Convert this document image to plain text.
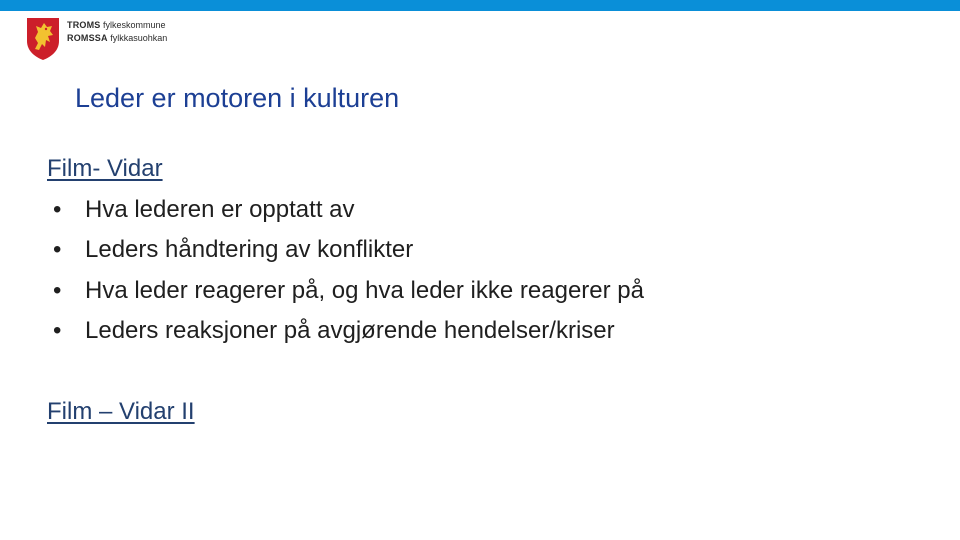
TROMS fylkeskommune
ROMSSA fylkkasuohkan
Leder er motoren i kulturen
Film- Vidar
• Hva lederen er opptatt av
• Leders håndtering av konflikter
• Hva leder reagerer på, og hva leder ikke reagerer på
• Leders reaksjoner på avgjørende hendelser/kriser
Film – Vidar II
